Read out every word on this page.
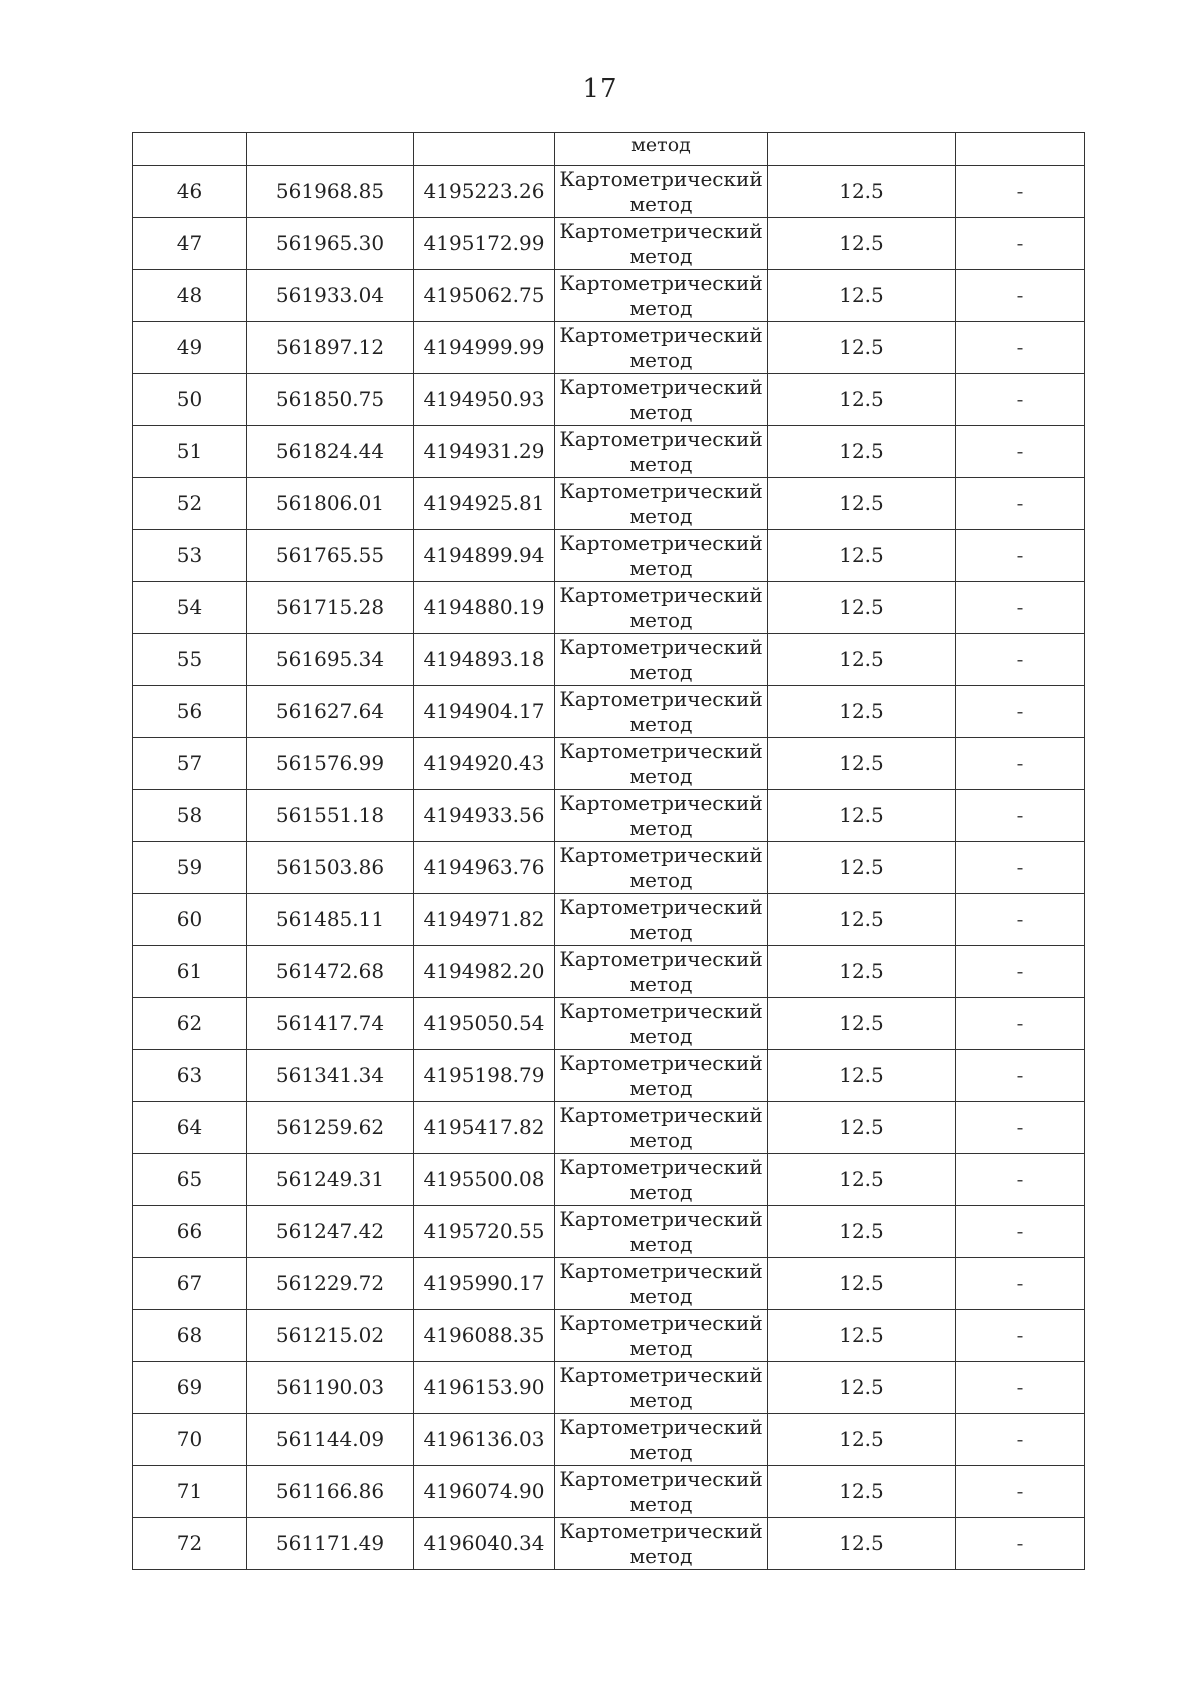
17
			метод		
46	561968.85	4195223.26	Картометрический метод	12.5	-
47	561965.30	4195172.99	Картометрический метод	12.5	-
48	561933.04	4195062.75	Картометрический метод	12.5	-
49	561897.12	4194999.99	Картометрический метод	12.5	-
50	561850.75	4194950.93	Картометрический метод	12.5	-
51	561824.44	4194931.29	Картометрический метод	12.5	-
52	561806.01	4194925.81	Картометрический метод	12.5	-
53	561765.55	4194899.94	Картометрический метод	12.5	-
54	561715.28	4194880.19	Картометрический метод	12.5	-
55	561695.34	4194893.18	Картометрический метод	12.5	-
56	561627.64	4194904.17	Картометрический метод	12.5	-
57	561576.99	4194920.43	Картометрический метод	12.5	-
58	561551.18	4194933.56	Картометрический метод	12.5	-
59	561503.86	4194963.76	Картометрический метод	12.5	-
60	561485.11	4194971.82	Картометрический метод	12.5	-
61	561472.68	4194982.20	Картометрический метод	12.5	-
62	561417.74	4195050.54	Картометрический метод	12.5	-
63	561341.34	4195198.79	Картометрический метод	12.5	-
64	561259.62	4195417.82	Картометрический метод	12.5	-
65	561249.31	4195500.08	Картометрический метод	12.5	-
66	561247.42	4195720.55	Картометрический метод	12.5	-
67	561229.72	4195990.17	Картометрический метод	12.5	-
68	561215.02	4196088.35	Картометрический метод	12.5	-
69	561190.03	4196153.90	Картометрический метод	12.5	-
70	561144.09	4196136.03	Картометрический метод	12.5	-
71	561166.86	4196074.90	Картометрический метод	12.5	-
72	561171.49	4196040.34	Картометрический метод	12.5	-
